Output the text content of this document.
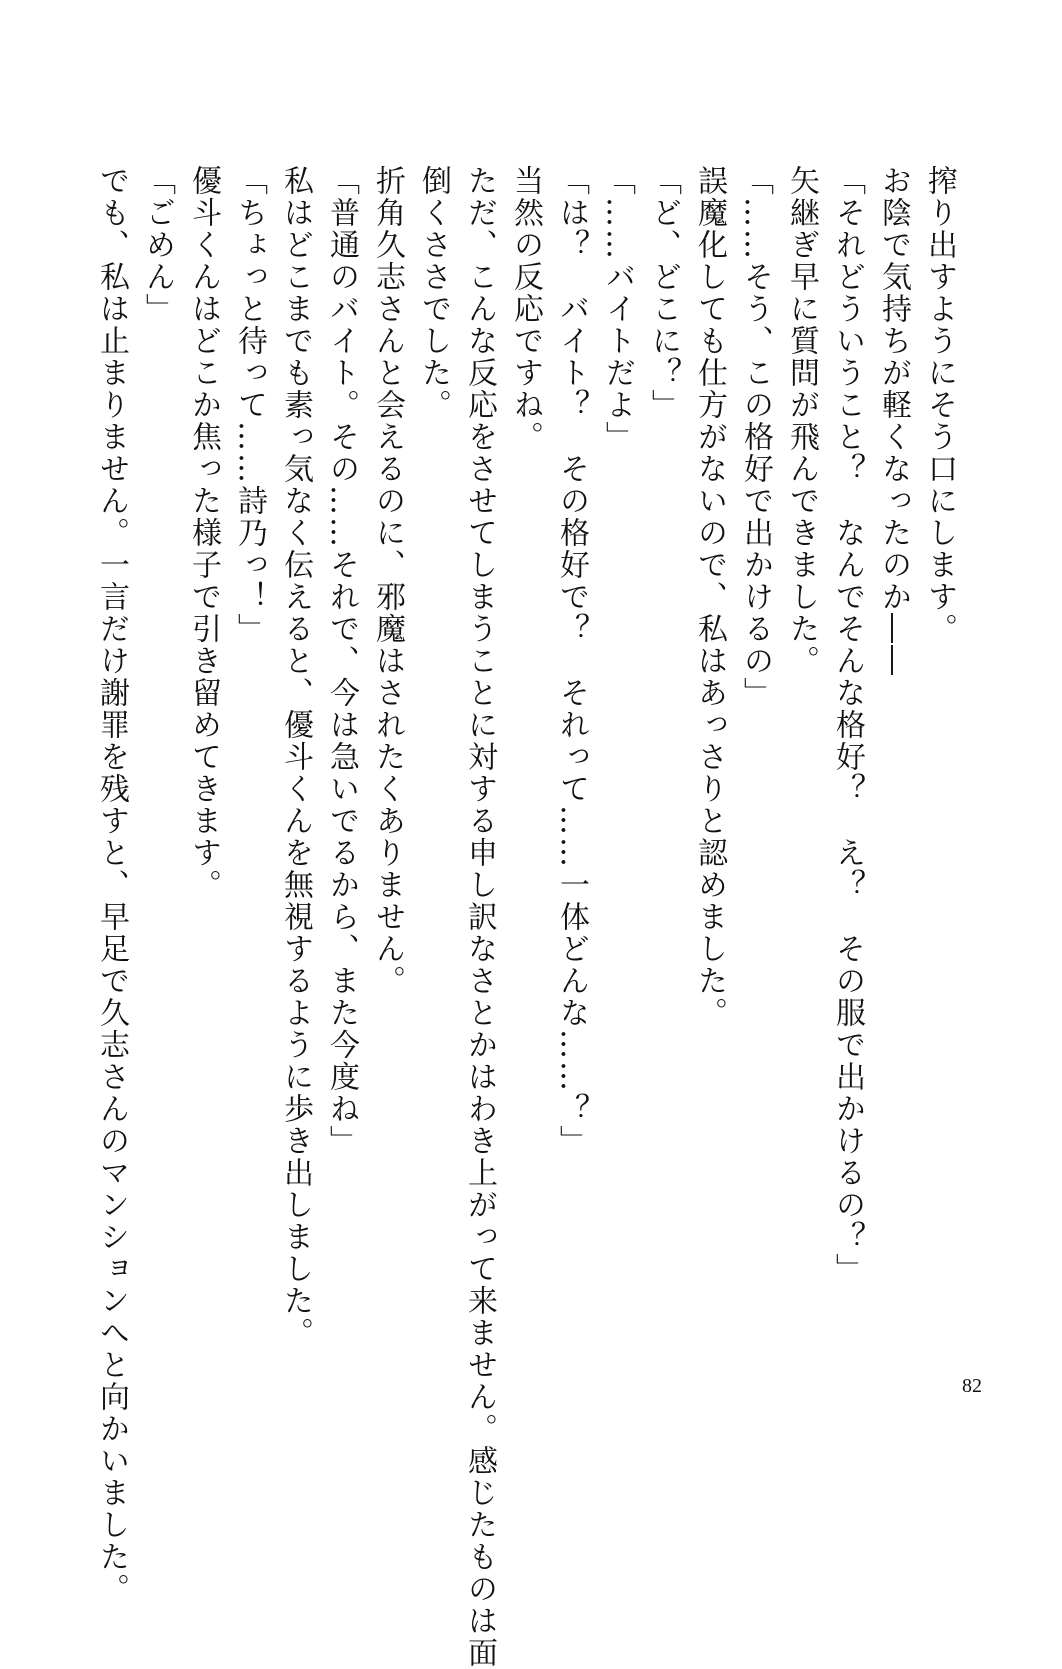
搾り出すようにそう口にします。
お陰で気持ちが軽くなったのか――
「それどういうこと？　なんでそんな格好？　え？　その服で出かけるの？」
矢継ぎ早に質問が飛んできました。
「……そう、この格好で出かけるの」
誤魔化しても仕方がないので、私はあっさりと認めました。
「ど、どこに？」
「……バイトだよ」
「は？　バイト？　その格好で？　それって……一体どんな……？」
当然の反応ですね。
ただ、こんな反応をさせてしまうことに対する申し訳なさとかはわき上がって来ません。感じたものは面
倒くささでした。
折角久志さんと会えるのに、邪魔はされたくありません。
「普通のバイト。その……それで、今は急いでるから、また今度ね」
私はどこまでも素っ気なく伝えると、優斗くんを無視するように歩き出しました。
「ちょっと待って……詩乃っ！」
優斗くんはどこか焦った様子で引き留めてきます。
「ごめん」
でも、私は止まりません。一言だけ謝罪を残すと、早足で久志さんのマンションへと向かいました。	82
